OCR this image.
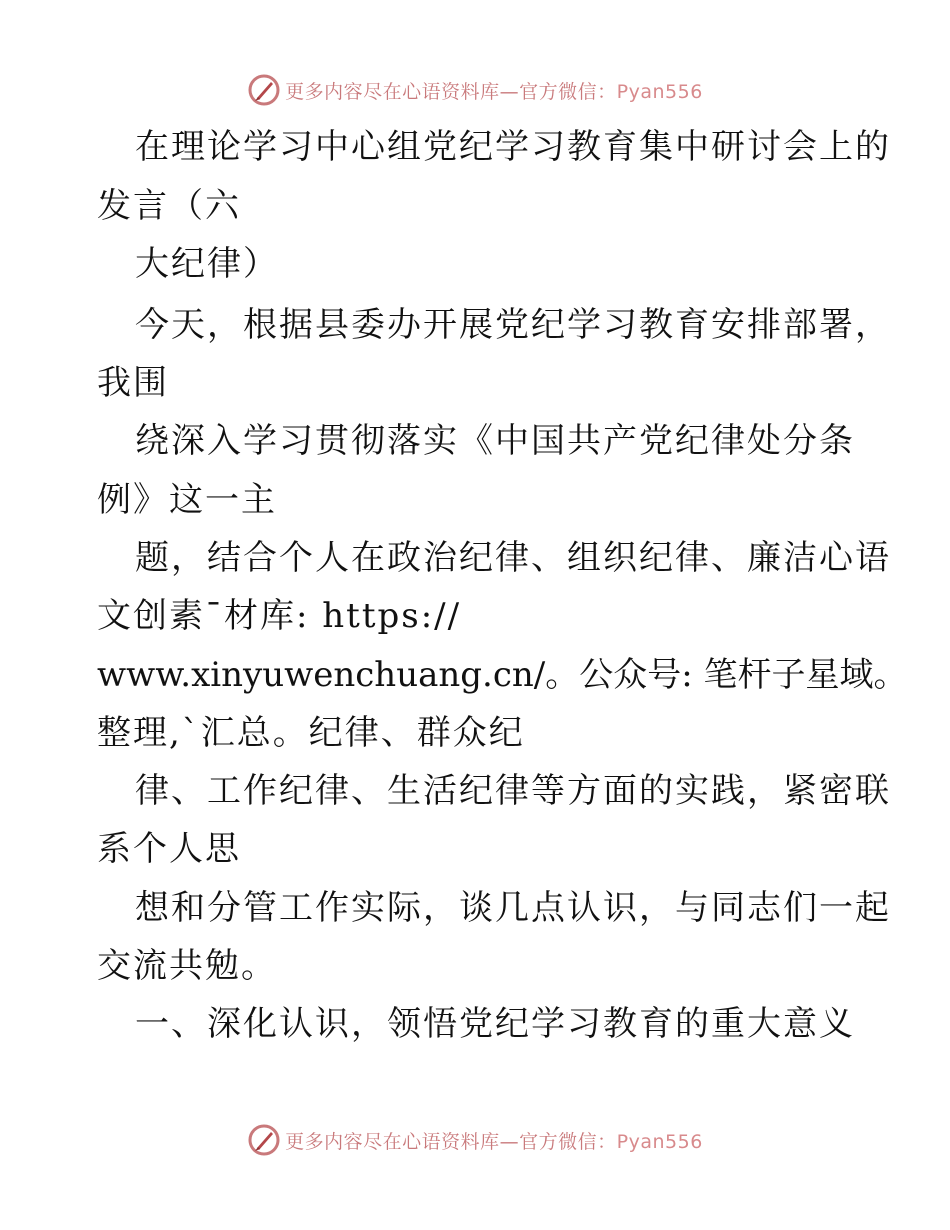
更多内容尽在心语资料库—官方微信：Pyan556
在理论学习中心组党纪学习教育集中研讨会上的
发言（六
大纪律）
今天，根据县委办开展党纪学习教育安排部署，
我围
绕深入学习贯彻落实《中国共产党纪律处分条
例》这一主
题，结合个人在政治纪律、组织纪律、廉洁心语
文创素¯材库: https://
www.xinyuwenchuang.cn/。公众号: 笔杆子星域。
整理,`汇总。纪律、群众纪
律、工作纪律、生活纪律等方面的实践，紧密联
系个人思
想和分管工作实际，谈几点认识，与同志们一起
交流共勉。
一、深化认识，领悟党纪学习教育的重大意义
更多内容尽在心语资料库—官方微信：Pyan556
